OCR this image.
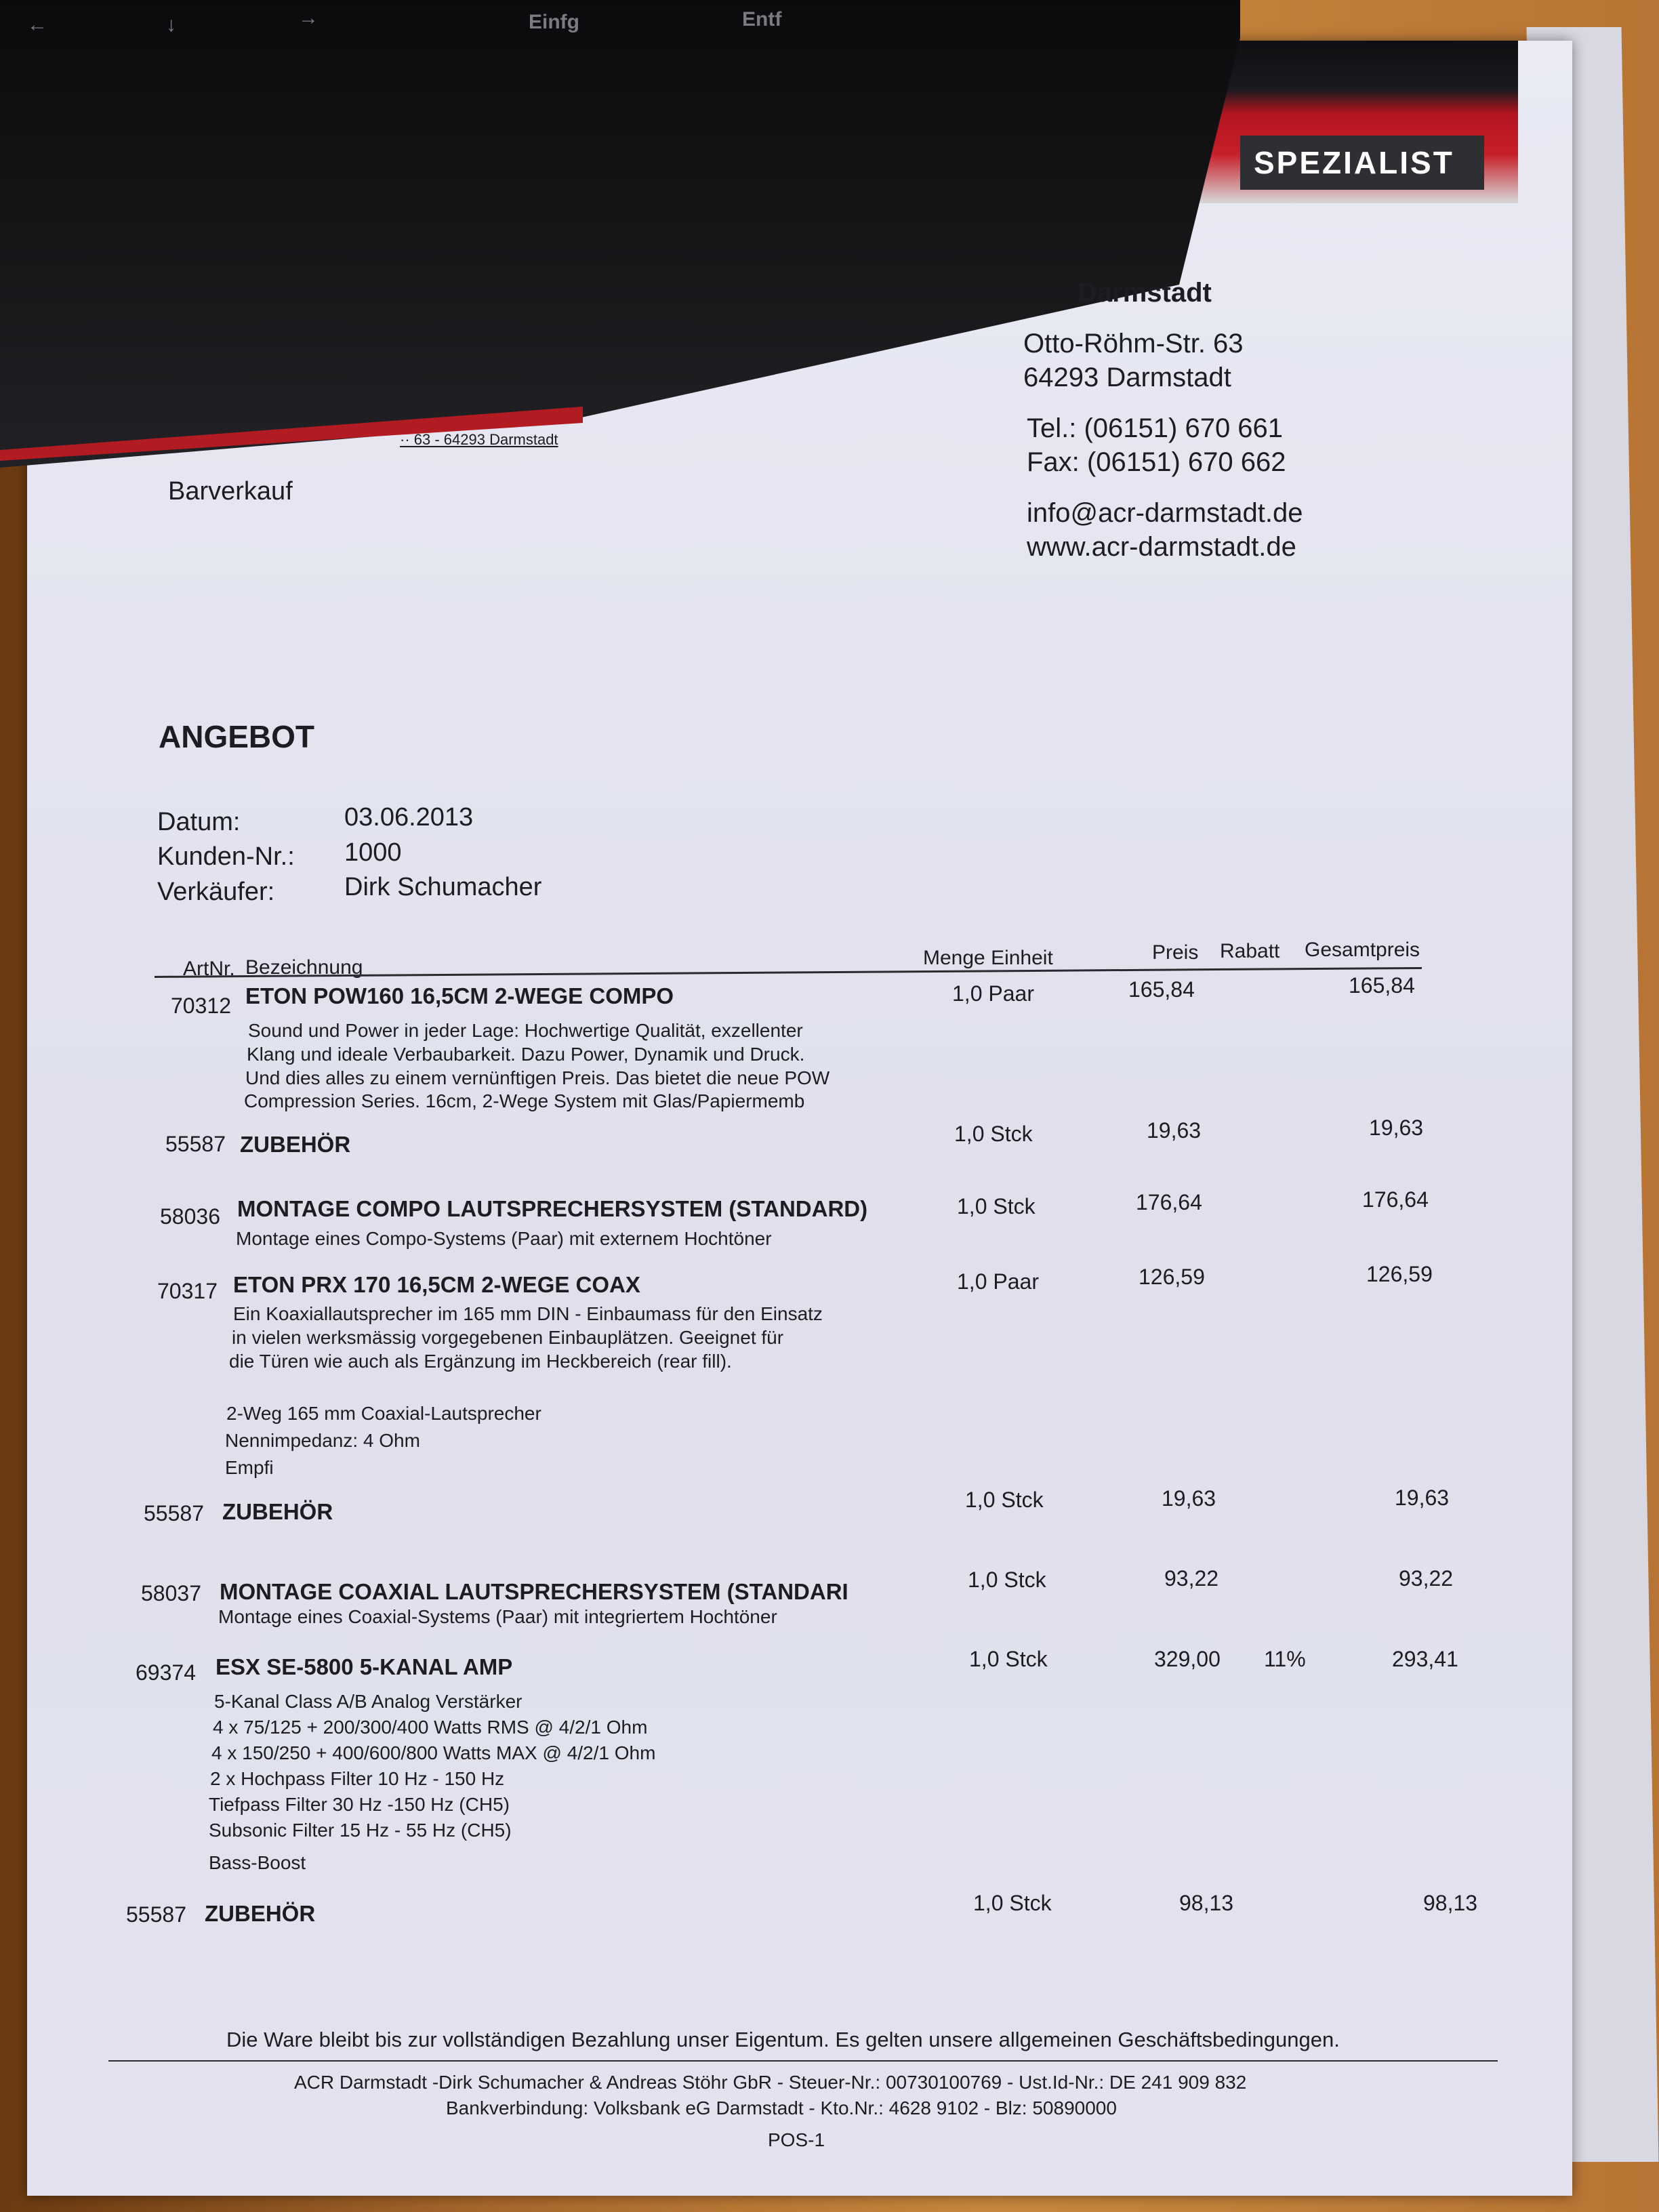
SPEZIALIST
←	↓	→	Einfg	Entf
Darmstadt
Otto-Röhm-Str. 63
64293 Darmstadt
Tel.: (06151) 670 661
Fax: (06151) 670 662
info@acr-darmstadt.de
www.acr-darmstadt.de
·· 63 - 64293 Darmstadt
Barverkauf
ANGEBOT
Datum:	03.06.2013
Kunden-Nr.: 1000
Verkäufer:	Dirk Schumacher
ArtNr. Bezeichnung	Menge Einheit	Preis Rabatt Gesamtpreis
70312 ETON POW160 16,5CM 2-WEGE COMPO	1,0 Paar	165,84	165,84
Sound und Power in jeder Lage: Hochwertige Qualität, exzellenter
Klang und ideale Verbaubarkeit. Dazu Power, Dynamik und Druck.
Und dies alles zu einem vernünftigen Preis. Das bietet die neue POW
Compression Series. 16cm, 2-Wege System mit Glas/Papiermemb
55587 ZUBEHÖR	1,0 Stck	19,63	19,63
58036 MONTAGE COMPO LAUTSPRECHERSYSTEM (STANDARD)	1,0 Stck	176,64	176,64
Montage eines Compo-Systems (Paar) mit externem Hochtöner
70317 ETON PRX 170 16,5CM 2-WEGE COAX	1,0 Paar	126,59	126,59
Ein Koaxiallautsprecher im 165 mm DIN - Einbaumass für den Einsatz
in vielen werksmässig vorgegebenen Einbauplätzen. Geeignet für
die Türen wie auch als Ergänzung im Heckbereich (rear fill).
2-Weg 165 mm Coaxial-Lautsprecher
Nennimpedanz: 4 Ohm
Empfi
55587 ZUBEHÖR	1,0 Stck	19,63	19,63
58037 MONTAGE COAXIAL LAUTSPRECHERSYSTEM (STANDARI	1,0 Stck	93,22	93,22
Montage eines Coaxial-Systems (Paar) mit integriertem Hochtöner
69374 ESX SE-5800 5-KANAL AMP	1,0 Stck	329,00 11%	293,41
5-Kanal Class A/B Analog Verstärker
4 x 75/125 + 200/300/400 Watts RMS @ 4/2/1 Ohm
4 x 150/250 + 400/600/800 Watts MAX @ 4/2/1 Ohm
2 x Hochpass Filter 10 Hz - 150 Hz
Tiefpass Filter 30 Hz -150 Hz (CH5)
Subsonic Filter 15 Hz - 55 Hz (CH5)
Bass-Boost
55587 ZUBEHÖR	1,0 Stck	98,13	98,13
Die Ware bleibt bis zur vollständigen Bezahlung unser Eigentum. Es gelten unsere allgemeinen Geschäftsbedingungen.
ACR Darmstadt -Dirk Schumacher & Andreas Stöhr GbR - Steuer-Nr.: 00730100769 - Ust.Id-Nr.: DE 241 909 832
Bankverbindung: Volksbank eG Darmstadt - Kto.Nr.: 4628 9102 - Blz: 50890000
POS-1
